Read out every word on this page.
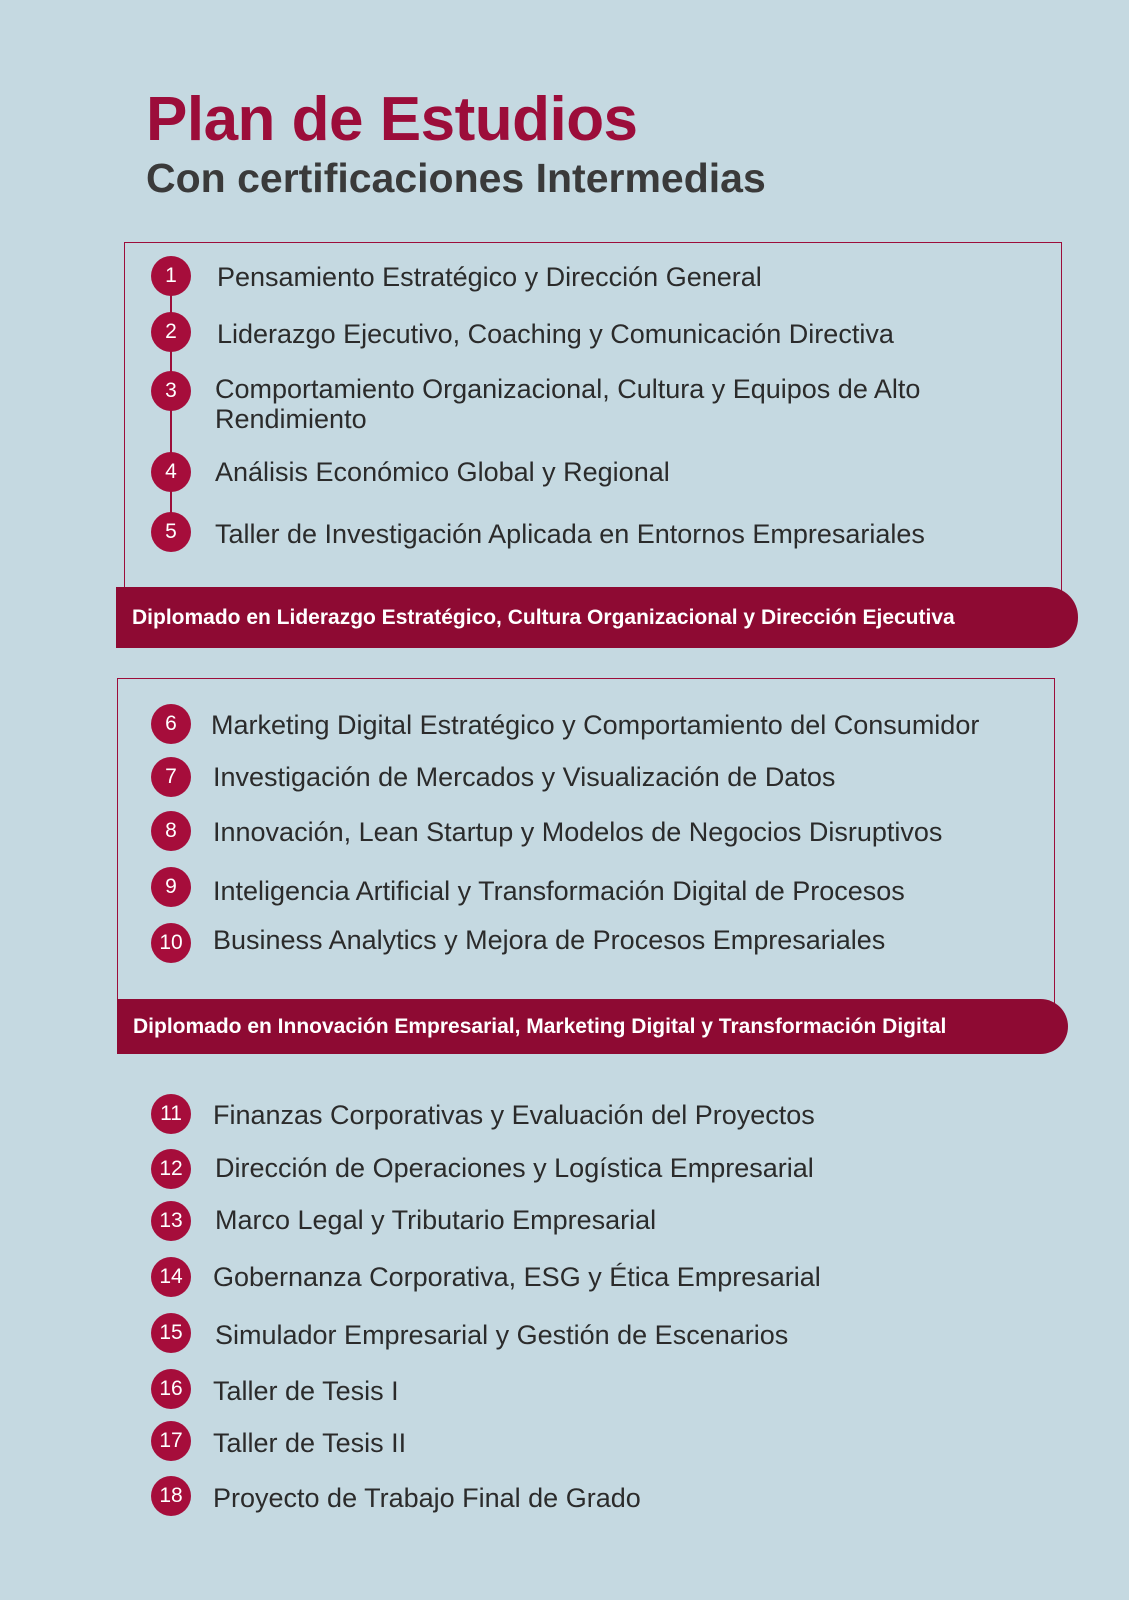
Plan de Estudios
Con certificaciones Intermedias
1	Pensamiento Estratégico y Dirección General
2	Liderazgo Ejecutivo, Coaching y Comunicación Directiva
3	Comportamiento Organizacional, Cultura y Equipos de Alto Rendimiento
4	Análisis Económico Global y Regional
5	Taller de Investigación Aplicada en Entornos Empresariales
Diplomado en Liderazgo Estratégico, Cultura Organizacional y Dirección Ejecutiva
6	Marketing Digital Estratégico y Comportamiento del Consumidor
7	Investigación de Mercados y Visualización de Datos
8	Innovación, Lean Startup y Modelos de Negocios Disruptivos
9	Inteligencia Artificial y Transformación Digital de Procesos
10	Business Analytics y Mejora de Procesos Empresariales
Diplomado en Innovación Empresarial, Marketing Digital y Transformación Digital
11	Finanzas Corporativas y Evaluación del Proyectos
12	Dirección de Operaciones y Logística Empresarial
13	Marco Legal y Tributario Empresarial
14	Gobernanza Corporativa, ESG y Ética Empresarial
15	Simulador Empresarial y Gestión de Escenarios
16	Taller de Tesis I
17	Taller de Tesis II
18	Proyecto de Trabajo Final de Grado
